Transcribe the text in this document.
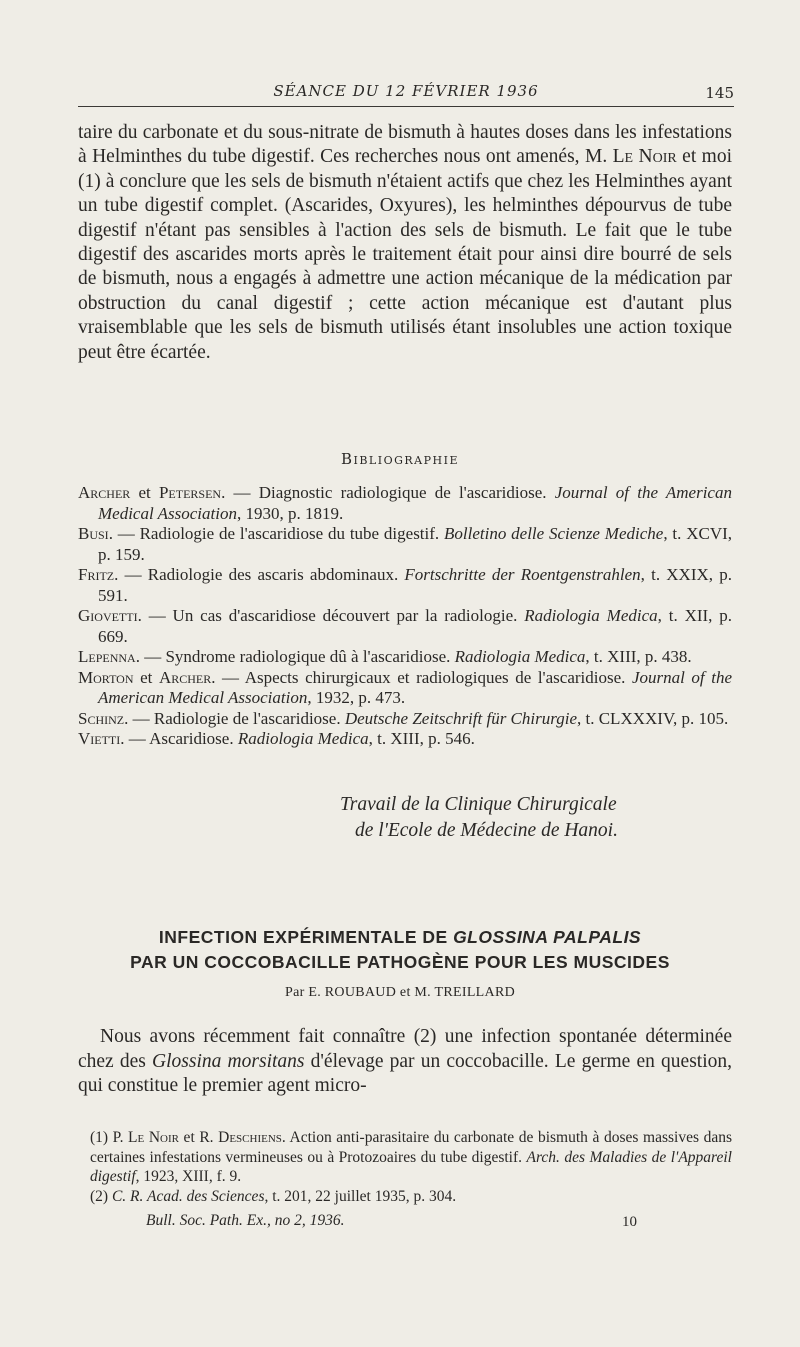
SÉANCE DU 12 FÉVRIER 1936	145
taire du carbonate et du sous-nitrate de bismuth à hautes doses dans les infestations à Helminthes du tube digestif. Ces recherches nous ont amenés, M. Le Noir et moi (1) à conclure que les sels de bismuth n'étaient actifs que chez les Helminthes ayant un tube digestif complet. (Ascarides, Oxyures), les helminthes dépourvus de tube digestif n'étant pas sensibles à l'action des sels de bismuth. Le fait que le tube digestif des ascarides morts après le traitement était pour ainsi dire bourré de sels de bismuth, nous a engagés à admettre une action mécanique de la médication par obstruction du canal digestif ; cette action mécanique est d'autant plus vraisemblable que les sels de bismuth utilisés étant insolubles une action toxique peut être écartée.
Bibliographie
Archer et Petersen. — Diagnostic radiologique de l'ascaridiose. Journal of the American Medical Association, 1930, p. 1819.
Busi. — Radiologie de l'ascaridiose du tube digestif. Bolletino delle Scienze Mediche, t. XCVI, p. 159.
Fritz. — Radiologie des ascaris abdominaux. Fortschritte der Roentgenstrahlen, t. XXIX, p. 591.
Giovetti. — Un cas d'ascaridiose découvert par la radiologie. Radiologia Medica, t. XII, p. 669.
Lepenna. — Syndrome radiologique dû à l'ascaridiose. Radiologia Medica, t. XIII, p. 438.
Morton et Archer. — Aspects chirurgicaux et radiologiques de l'ascaridiose. Journal of the American Medical Association, 1932, p. 473.
Schinz. — Radiologie de l'ascaridiose. Deutsche Zeitschrift für Chirurgie, t. CLXXXIV, p. 105.
Vietti. — Ascaridiose. Radiologia Medica, t. XIII, p. 546.
Travail de la Clinique Chirurgicale
de l'Ecole de Médecine de Hanoi.
INFECTION EXPÉRIMENTALE DE GLOSSINA PALPALIS
PAR UN COCCOBACILLE PATHOGÈNE POUR LES MUSCIDES
Par E. ROUBAUD et M. TREILLARD
Nous avons récemment fait connaître (2) une infection spontanée déterminée chez des Glossina morsitans d'élevage par un coccobacille. Le germe en question, qui constitue le premier agent micro-
(1) P. Le Noir et R. Deschiens. Action anti-parasitaire du carbonate de bismuth à doses massives dans certaines infestations vermineuses ou à Protozoaires du tube digestif. Arch. des Maladies de l'Appareil digestif, 1923, XIII, f. 9.
(2) C. R. Acad. des Sciences, t. 201, 22 juillet 1935, p. 304.
Bull. Soc. Path. Ex., no 2, 1936.	10
